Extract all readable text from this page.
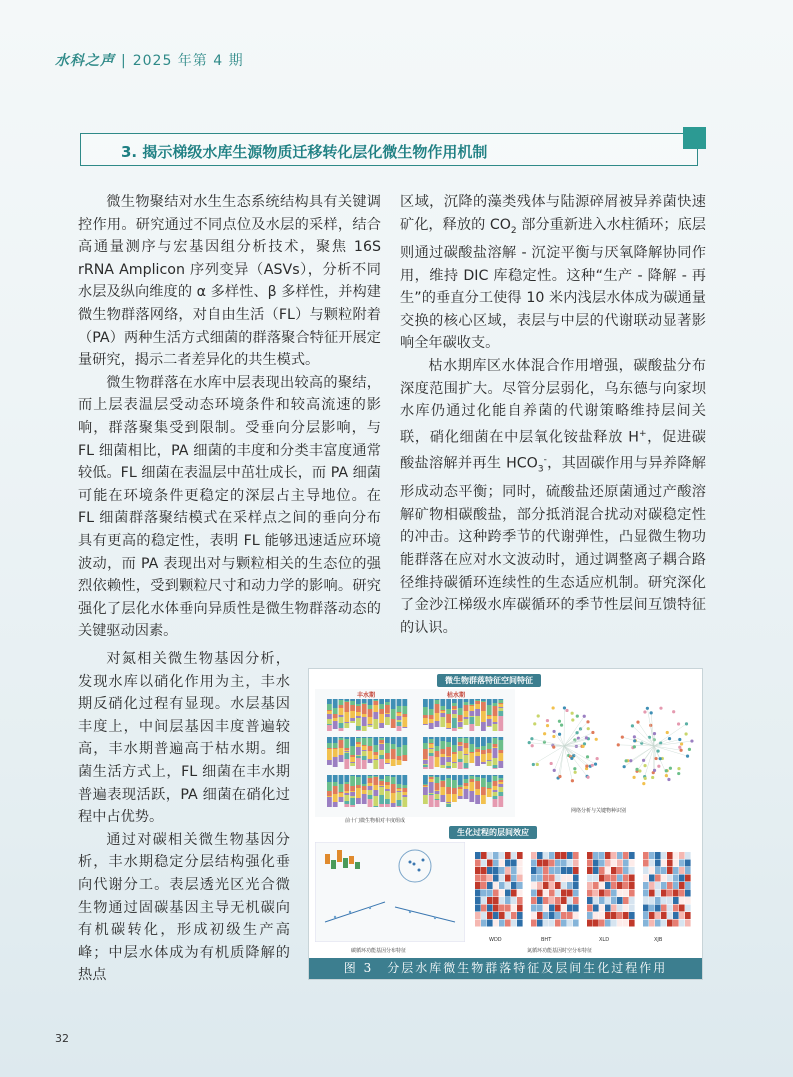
水科之声 | 2025 年第 4 期
3. 揭示梯级水库生源物质迁移转化层化微生物作用机制

微生物聚结对水生生态系统结构具有关键调控作用。研究通过不同点位及水层的采样，结合高通量测序与宏基因组分析技术，聚焦 16S rRNA Amplicon 序列变异（ASVs），分析不同水层及纵向维度的 α 多样性、β 多样性，并构建微生物群落网络，对自由生活（FL）与颗粒附着（PA）两种生活方式细菌的群落聚合特征开展定量研究，揭示二者差异化的共生模式。

微生物群落在水库中层表现出较高的聚结，而上层表温层受动态环境条件和较高流速的影响，群落聚集受到限制。受垂向分层影响，与 FL 细菌相比，PA 细菌的丰度和分类丰富度通常较低。FL 细菌在表温层中茁壮成长，而 PA 细菌可能在环境条件更稳定的深层占主导地位。在 FL 细菌群落聚结模式在采样点之间的垂向分布具有更高的稳定性，表明 FL 能够迅速适应环境波动，而 PA 表现出对与颗粒相关的生态位的强烈依赖性，受到颗粒尺寸和动力学的影响。研究强化了层化水体垂向异质性是微生物群落动态的关键驱动因素。

对氮相关微生物基因分析，发现水库以硝化作用为主，丰水期反硝化过程有显现。水层基因丰度上，中间层基因丰度普遍较高，丰水期普遍高于枯水期。细菌生活方式上，FL 细菌在丰水期普遍表现活跃，PA 细菌在硝化过程中占优势。

通过对碳相关微生物基因分析，丰水期稳定分层结构强化垂向代谢分工。表层透光区光合微生物通过固碳基因主导无机碳向有机碳转化，形成初级生产高峰；中层水体成为有机质降解的热点

区域，沉降的藻类残体与陆源碎屑被异养菌快速矿化，释放的 $CO_2$ 部分重新进入水柱循环；底层则通过碳酸盐溶解 - 沉淀平衡与厌氧降解协同作用，维持 DIC 库稳定性。这种“生产 - 降解 - 再生”的垂直分工使得 10 米内浅层水体成为碳通量交换的核心区域，表层与中层的代谢联动显著影响全年碳收支。

枯水期库区水体混合作用增强，碳酸盐分布深度范围扩大。尽管分层弱化，乌东德与向家坝水库仍通过化能自养菌的代谢策略维持层间关联，硝化细菌在中层氧化铵盐释放 H+，促进碳酸盐溶解并再生 $HCO_3^-$，其固碳作用与异养降解形成动态平衡；同时，硫酸盐还原菌通过产酸溶解矿物相碳酸盐，部分抵消混合扰动对碳稳定性的冲击。这种跨季节的代谢弹性，凸显微生物功能群落在应对水文波动时，通过调整离子耦合路径维持碳循环连续性的生态适应机制。研究深化了金沙江梯级水库碳循环的季节性层间互馈特征的认识。

微生物群落特征空间特征
丰水期	枯水期
前十门微生物相对丰度组成
网络分析与关键物种识别
生化过程的层间效应
碳循环功能基因分布特征
WDD	BHT	XLD	XJB
氮循环功能基因时空分布特征
图 3　分层水库微生物群落特征及层间生化过程作用
32
